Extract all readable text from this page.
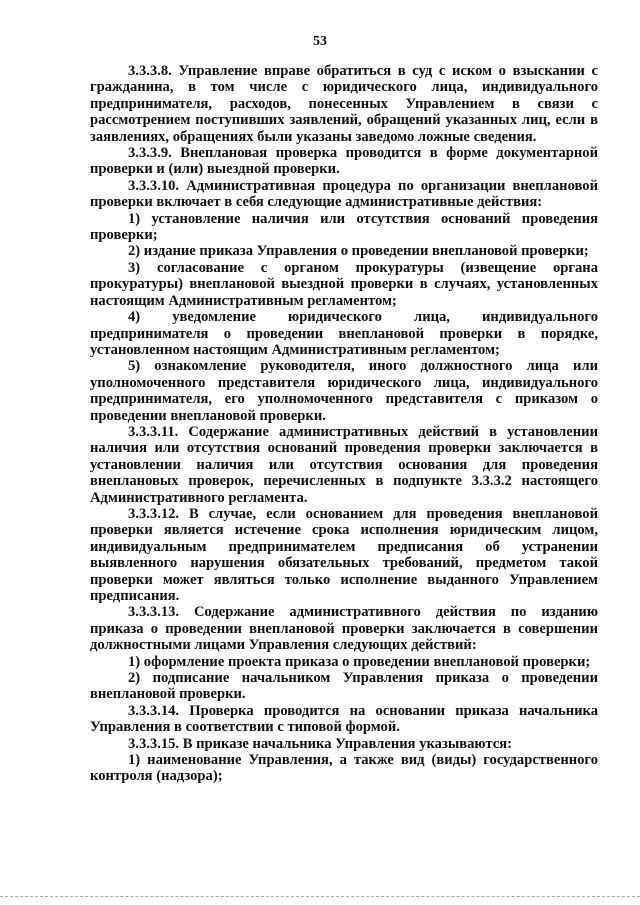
53

3.3.3.8. Управление вправе обратиться в суд с иском о взыскании с гражданина, в том числе с юридического лица, индивидуального предпринимателя, расходов, понесенных Управлением в связи с рассмотрением поступивших заявлений, обращений указанных лиц, если в заявлениях, обращениях были указаны заведомо ложные сведения.

3.3.3.9. Внеплановая проверка проводится в форме документарной проверки и (или) выездной проверки.

3.3.3.10. Административная процедура по организации внеплановой проверки включает в себя следующие административные действия:

1) установление наличия или отсутствия оснований проведения проверки;

2) издание приказа Управления о проведении внеплановой проверки;

3) согласование с органом прокуратуры (извещение органа прокуратуры) внеплановой выездной проверки в случаях, установленных настоящим Административным регламентом;

4) уведомление юридического лица, индивидуального предпринимателя о проведении внеплановой проверки в порядке, установленном настоящим Административным регламентом;

5) ознакомление руководителя, иного должностного лица или уполномоченного представителя юридического лица, индивидуального предпринимателя, его уполномоченного представителя с приказом о проведении внеплановой проверки.

3.3.3.11. Содержание административных действий в установлении наличия или отсутствия оснований проведения проверки заключается в установлении наличия или отсутствия основания для проведения внеплановых проверок, перечисленных в подпункте 3.3.3.2 настоящего Административного регламента.

3.3.3.12. В случае, если основанием для проведения внеплановой проверки является истечение срока исполнения юридическим лицом, индивидуальным предпринимателем предписания об устранении выявленного нарушения обязательных требований, предметом такой проверки может являться только исполнение выданного Управлением предписания.

3.3.3.13. Содержание административного действия по изданию приказа о проведении внеплановой проверки заключается в совершении должностными лицами Управления следующих действий:

1) оформление проекта приказа о проведении внеплановой проверки;

2) подписание начальником Управления приказа о проведении внеплановой проверки.

3.3.3.14. Проверка проводится на основании приказа начальника Управления в соответствии с типовой формой.

3.3.3.15. В приказе начальника Управления указываются:

1) наименование Управления, а также вид (виды) государственного контроля (надзора);
